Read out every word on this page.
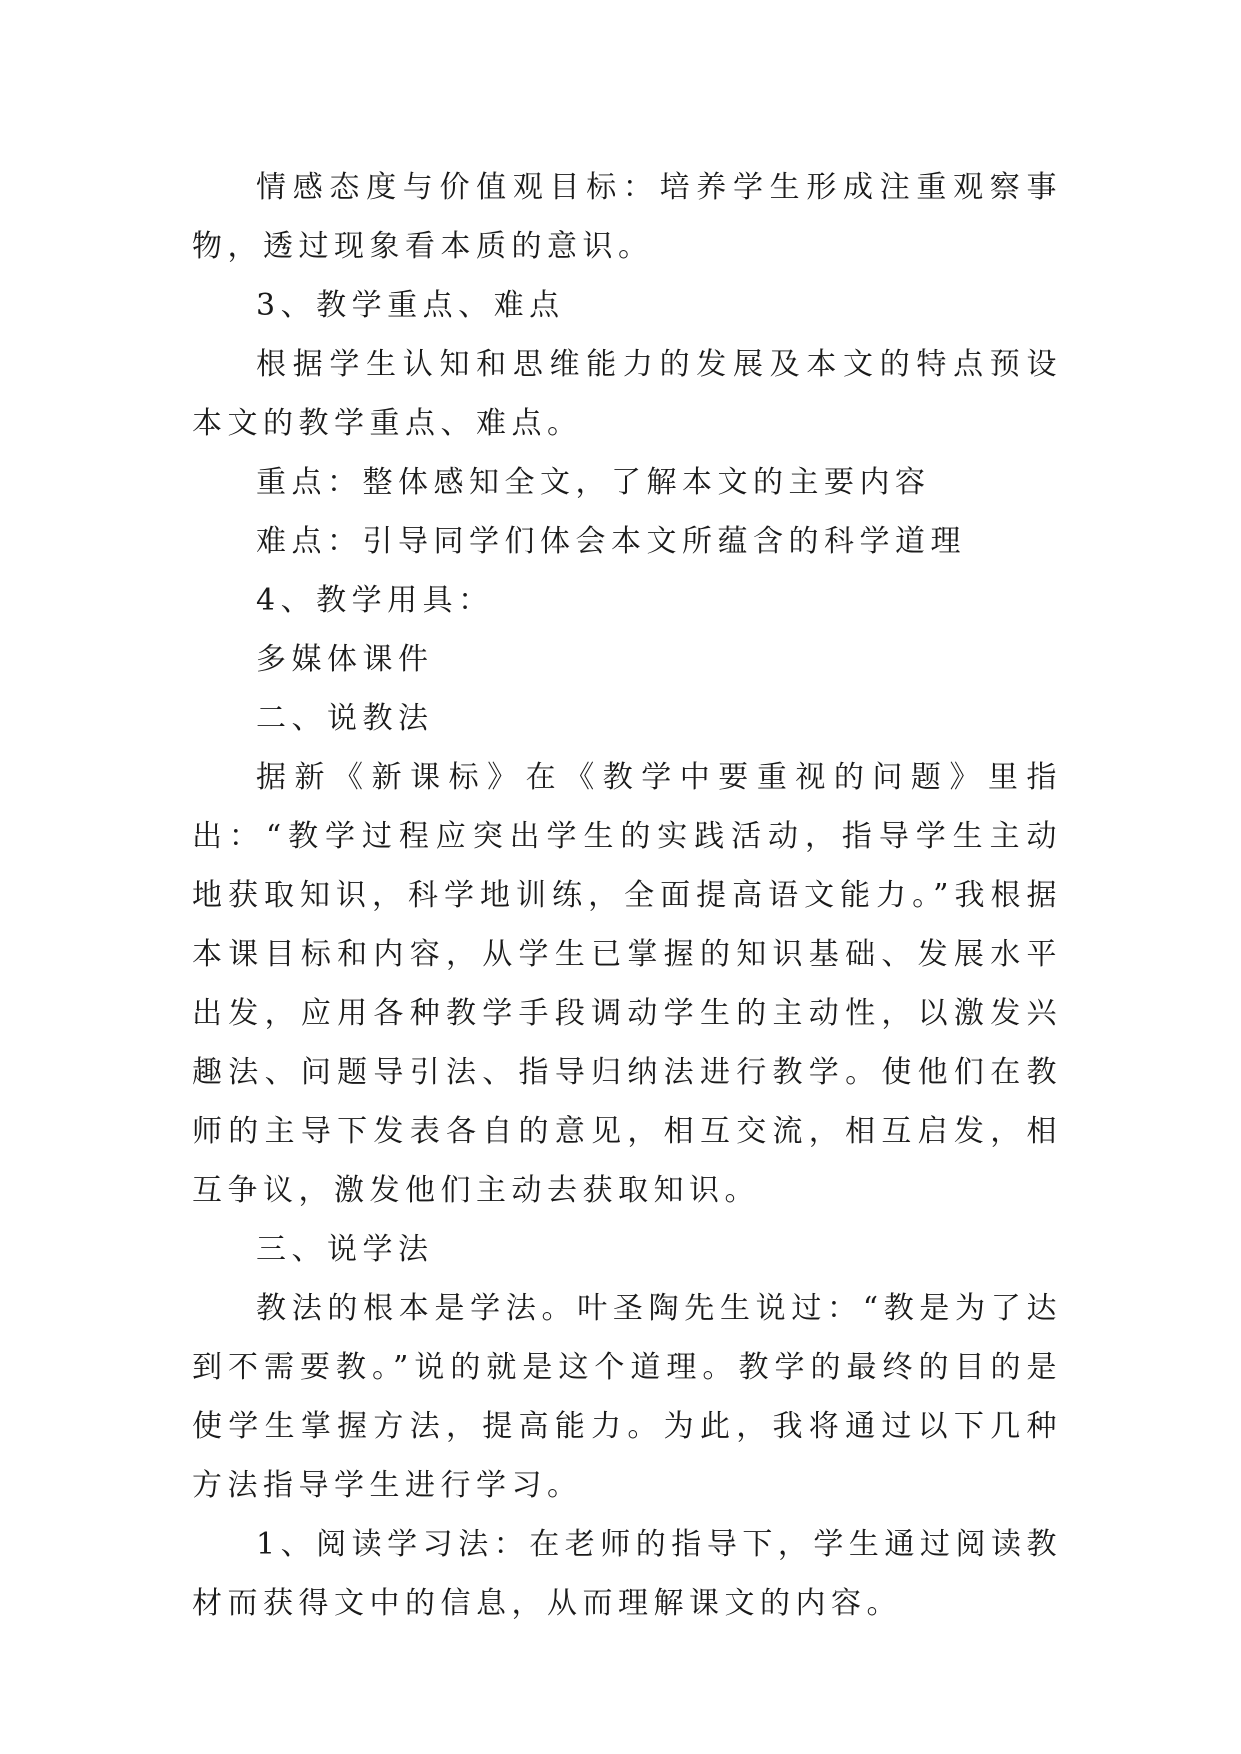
情感态度与价值观目标：培养学生形成注重观察事物，透过现象看本质的意识。

3、教学重点、难点

根据学生认知和思维能力的发展及本文的特点预设本文的教学重点、难点。

重点：整体感知全文，了解本文的主要内容

难点：引导同学们体会本文所蕴含的科学道理

4、教学用具：

多媒体课件

二、说教法

据新《新课标》在《教学中要重视的问题》里指出：“教学过程应突出学生的实践活动，指导学生主动地获取知识，科学地训练，全面提高语文能力。”我根据本课目标和内容，从学生已掌握的知识基础、发展水平出发，应用各种教学手段调动学生的主动性，以激发兴趣法、问题导引法、指导归纳法进行教学。使他们在教师的主导下发表各自的意见，相互交流，相互启发，相互争议，激发他们主动去获取知识。

三、说学法

教法的根本是学法。叶圣陶先生说过：“教是为了达到不需要教。”说的就是这个道理。教学的最终的目的是使学生掌握方法，提高能力。为此，我将通过以下几种方法指导学生进行学习。

1、阅读学习法：在老师的指导下，学生通过阅读教材而获得文中的信息，从而理解课文的内容。
